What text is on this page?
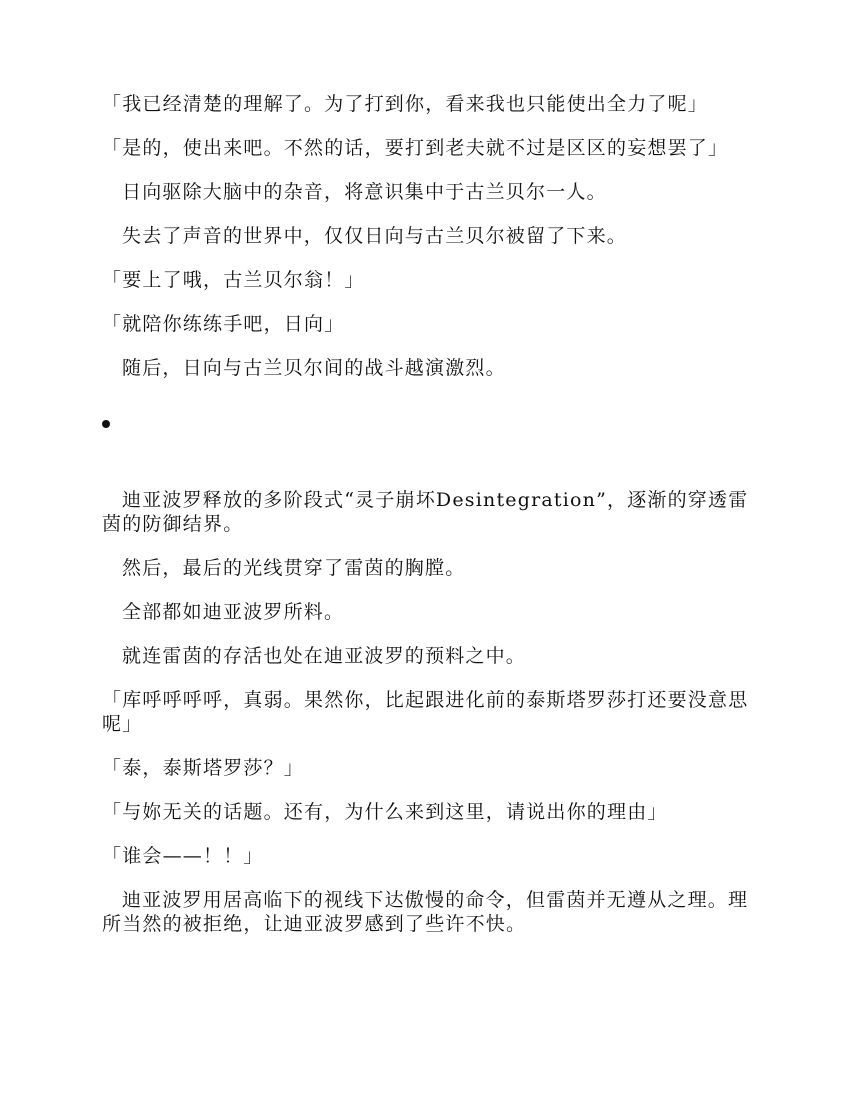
「我已经清楚的理解了。为了打到你，看来我也只能使出全力了呢」

「是的，使出来吧。不然的话，要打到老夫就不过是区区的妄想罢了」

日向驱除大脑中的杂音，将意识集中于古兰贝尔一人。

失去了声音的世界中，仅仅日向与古兰贝尔被留了下来。

「要上了哦，古兰贝尔翁！」

「就陪你练练手吧，日向」

随后，日向与古兰贝尔间的战斗越演激烈。

迪亚波罗释放的多阶段式“灵子崩坏Desintegration”，逐渐的穿透雷茵的防御结界。

然后，最后的光线贯穿了雷茵的胸膛。

全部都如迪亚波罗所料。

就连雷茵的存活也处在迪亚波罗的预料之中。

「库呼呼呼呼，真弱。果然你，比起跟进化前的泰斯塔罗莎打还要没意思呢」

「泰，泰斯塔罗莎？」

「与妳无关的话题。还有，为什么来到这里，请说出你的理由」

「谁会——！！」

迪亚波罗用居高临下的视线下达傲慢的命令，但雷茵并无遵从之理。理所当然的被拒绝，让迪亚波罗感到了些许不快。
